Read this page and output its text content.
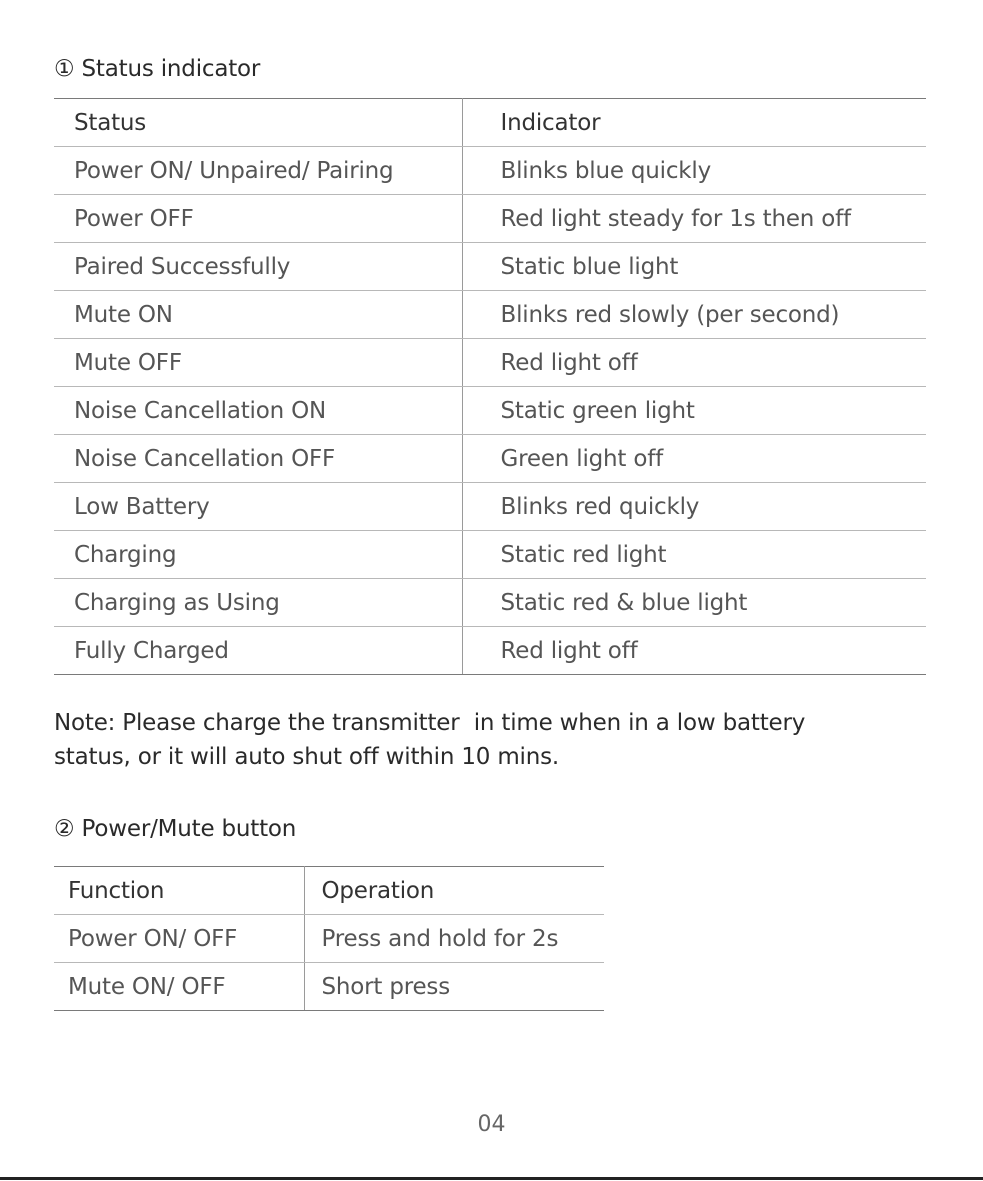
① Status indicator
Status	Indicator
Power ON/ Unpaired/ Pairing	Blinks blue quickly
Power OFF	Red light steady for 1s then off
Paired Successfully	Static blue light
Mute ON	Blinks red slowly (per second)
Mute OFF	Red light off
Noise Cancellation ON	Static green light
Noise Cancellation OFF	Green light off
Low Battery	Blinks red quickly
Charging	Static red light
Charging as Using	Static red & blue light
Fully Charged	Red light off
Note: Please charge the transmitter  in time when in a low battery
status, or it will auto shut off within 10 mins.
② Power/Mute button
Function	Operation
Power ON/ OFF	Press and hold for 2s
Mute ON/ OFF	Short press
04
